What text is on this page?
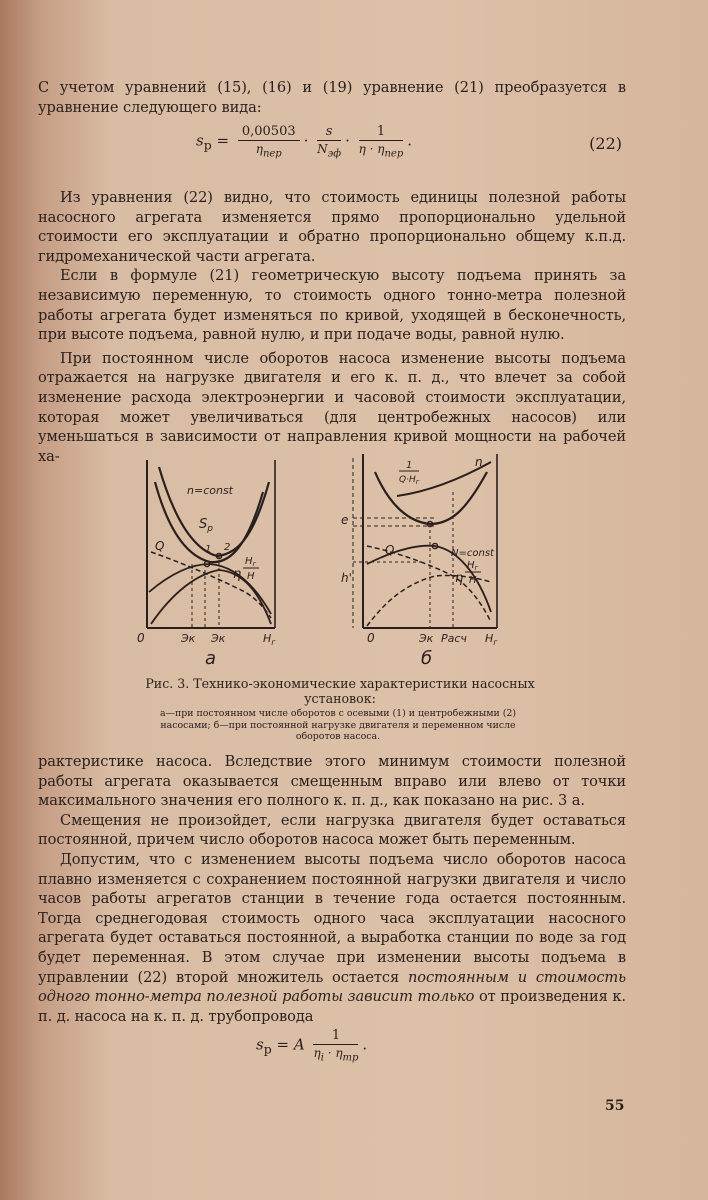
С учетом уравнений (15), (16) и (19) уравнение (21) преобразуется в уравнение следующего вида:

$s_р = \frac{0,00503}{\eta_{пер}} \cdot \frac{s}{N_{эф}} \cdot \frac{1}{\eta \cdot \eta_{пер}}$ .	(22)

Из уравнения (22) видно, что стоимость единицы полезной работы насосного агрегата изменяется прямо пропорционально удельной стоимости его эксплуатации и обратно пропорционально общему к.п.д. гидромеханической части агрегата.

Если в формуле (21) геометрическую высоту подъема принять за независимую переменную, то стоимость одного тонно-метра полезной работы агрегата будет изменяться по кривой, уходящей в бесконечность, при высоте подъема, равной нулю, и при подаче воды, равной нулю.

При постоянном числе оборотов насоса изменение высоты подъема отражается на нагрузке двигателя и его к. п. д., что влечет за собой изменение расхода электроэнергии и часовой стоимости эксплуатации, которая может увеличиваться (для центробежных насосов) или уменьшаться в зависимости от направления кривой мощности на рабочей ха-

n=const
$S_p$
Q	1 2
η
$H_г$
H
0	Эк Эк	$H_г$
а
1
$Q\cdot H_г$
n
e
Q
h'
N=const
η
$H_г$
H
0	Эк Расч $H_г$
б
Рис. 3. Технико-экономические характеристики насосных установок:
а—при постоянном числе оборотов с осевыми (1) и центробежными (2) насосами; б—при постоянной нагрузке двигателя и переменном числе оборотов насоса.

рактеристике насоса. Вследствие этого минимум стоимости полезной работы агрегата оказывается смещенным вправо или влево от точки максимального значения его полного к. п. д., как показано на рис. 3 а.

Смещения не произойдет, если нагрузка двигателя будет оставаться постоянной, причем число оборотов насоса может быть переменным.

Допустим, что с изменением высоты подъема число оборотов насоса плавно изменяется с сохранением постоянной нагрузки двигателя и число часов работы агрегатов станции в течение года остается постоянным. Тогда среднегодовая стоимость одного часа эксплуатации насосного агрегата будет оставаться постоянной, а выработка станции по воде за год будет переменная. В этом случае при изменении высоты подъема в управлении (22) второй множитель остается постоянным и стоимость одного тонно-метра полезной работы зависит только от произведения к. п. д. насоса на к. п. д. трубопровода

$s_р = A \frac{1}{\eta_i \cdot \eta_{тр}}$ .
55
